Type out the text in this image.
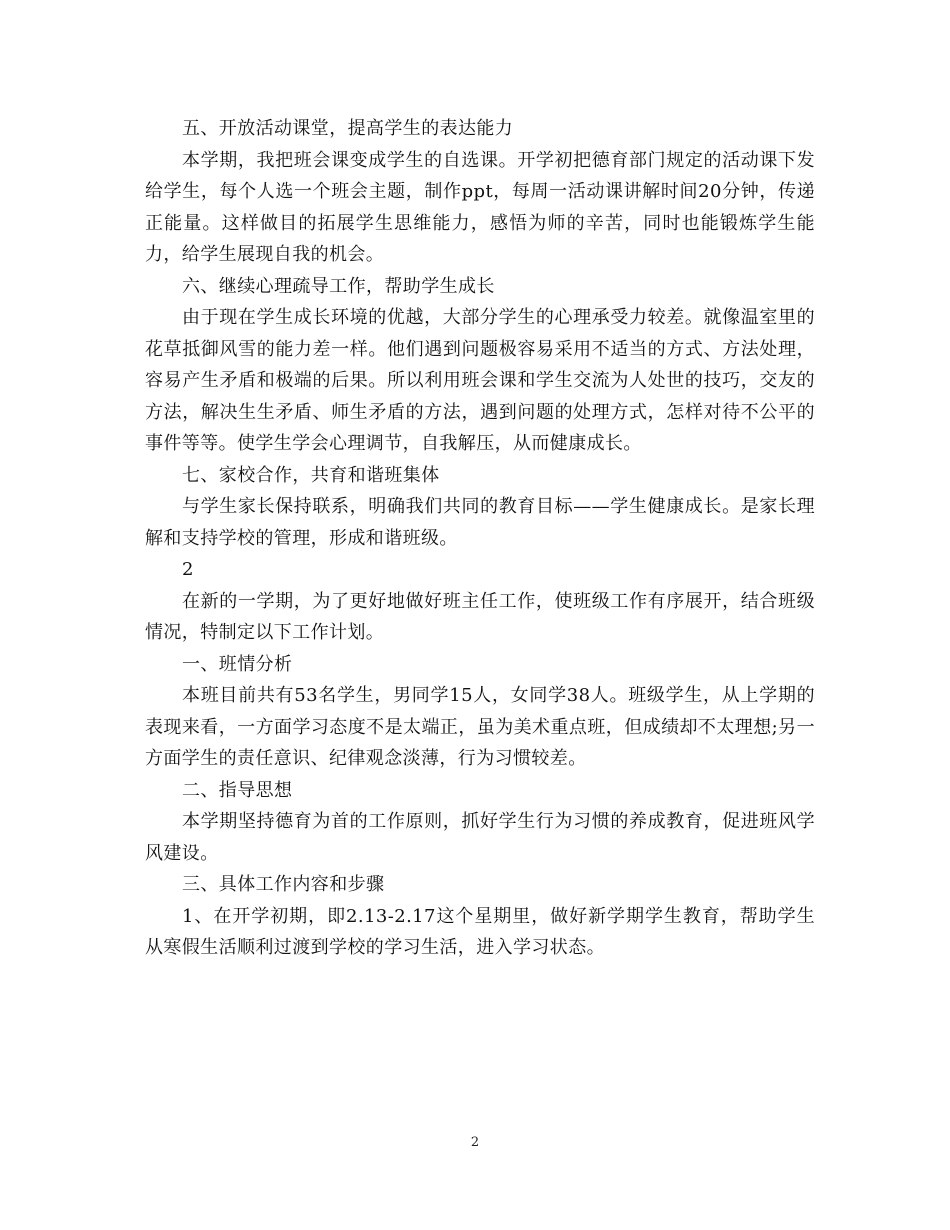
五、开放活动课堂，提高学生的表达能力

本学期，我把班会课变成学生的自选课。开学初把德育部门规定的活动课下发给学生，每个人选一个班会主题，制作ppt，每周一活动课讲解时间20分钟，传递正能量。这样做目的拓展学生思维能力，感悟为师的辛苦，同时也能锻炼学生能力，给学生展现自我的机会。

六、继续心理疏导工作，帮助学生成长

由于现在学生成长环境的优越，大部分学生的心理承受力较差。就像温室里的花草抵御风雪的能力差一样。他们遇到问题极容易采用不适当的方式、方法处理，容易产生矛盾和极端的后果。所以利用班会课和学生交流为人处世的技巧，交友的方法，解决生生矛盾、师生矛盾的方法，遇到问题的处理方式，怎样对待不公平的事件等等。使学生学会心理调节，自我解压，从而健康成长。

七、家校合作，共育和谐班集体

与学生家长保持联系，明确我们共同的教育目标——学生健康成长。是家长理解和支持学校的管理，形成和谐班级。

2

在新的一学期，为了更好地做好班主任工作，使班级工作有序展开，结合班级情况，特制定以下工作计划。

一、班情分析

本班目前共有53名学生，男同学15人，女同学38人。班级学生，从上学期的表现来看，一方面学习态度不是太端正，虽为美术重点班，但成绩却不太理想;另一方面学生的责任意识、纪律观念淡薄，行为习惯较差。

二、指导思想

本学期坚持德育为首的工作原则，抓好学生行为习惯的养成教育，促进班风学风建设。

三、具体工作内容和步骤

1、在开学初期，即2.13-2.17这个星期里，做好新学期学生教育，帮助学生从寒假生活顺利过渡到学校的学习生活，进入学习状态。

2
